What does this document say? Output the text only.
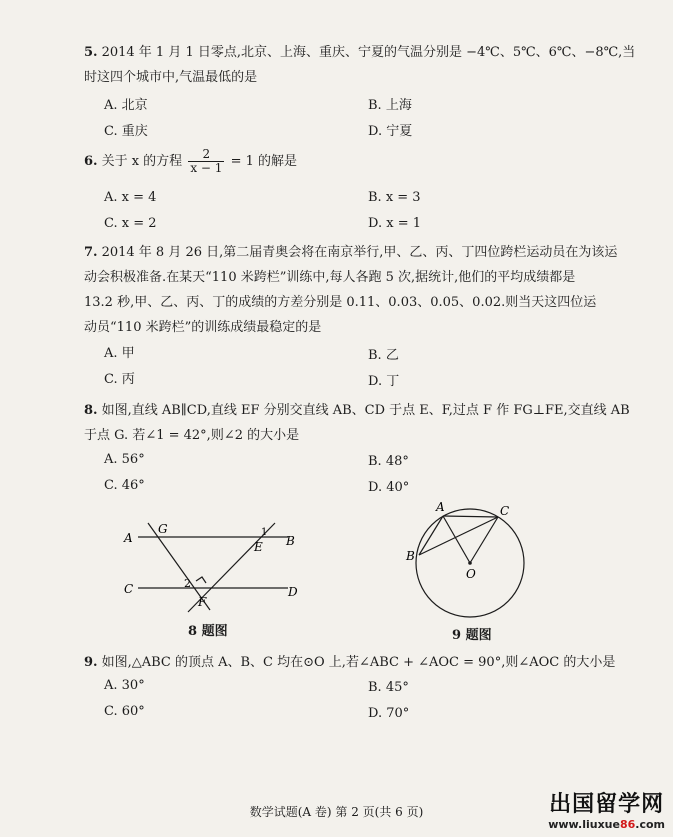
5. 2014 年 1 月 1 日零点,北京、上海、重庆、宁夏的气温分别是 −4℃、5℃、6℃、−8℃,当
时这四个城市中,气温最低的是
A. 北京	B. 上海
C. 重庆	D. 宁夏
6. 关于 x 的方程 $\frac{2}{x - 1} = 1$ 的解是
A. x = 4	B. x = 3
C. x = 2	D. x = 1
7. 2014 年 8 月 26 日,第二届青奥会将在南京举行,甲、乙、丙、丁四位跨栏运动员在为该运
动会积极准备.在某天“110 米跨栏”训练中,每人各跑 5 次,据统计,他们的平均成绩都是
13.2 秒,甲、乙、丙、丁的成绩的方差分别是 0.11、0.03、0.05、0.02.则当天这四位运
动员“110 米跨栏”的训练成绩最稳定的是
A. 甲	B. 乙
C. 丙	D. 丁
8. 如图,直线 AB∥CD,直线 EF 分别交直线 AB、CD 于点 E、F,过点 F 作 FG⊥FE,交直线 AB
于点 G. 若∠1 = 42°,则∠2 的大小是
A. 56°	B. 48°
C. 46°	D. 40°
A	B
C	D
G
E
F
1
2
8 题图
A	C
B
O
9 题图
9. 如图,△ABC 的顶点 A、B、C 均在⊙O 上,若∠ABC + ∠AOC = 90°,则∠AOC 的大小是
A. 30°	B. 45°
C. 60°	D. 70°
数学试题(A 卷) 第 2 页(共 6 页)	出国留学网
www.liuxue86.com
